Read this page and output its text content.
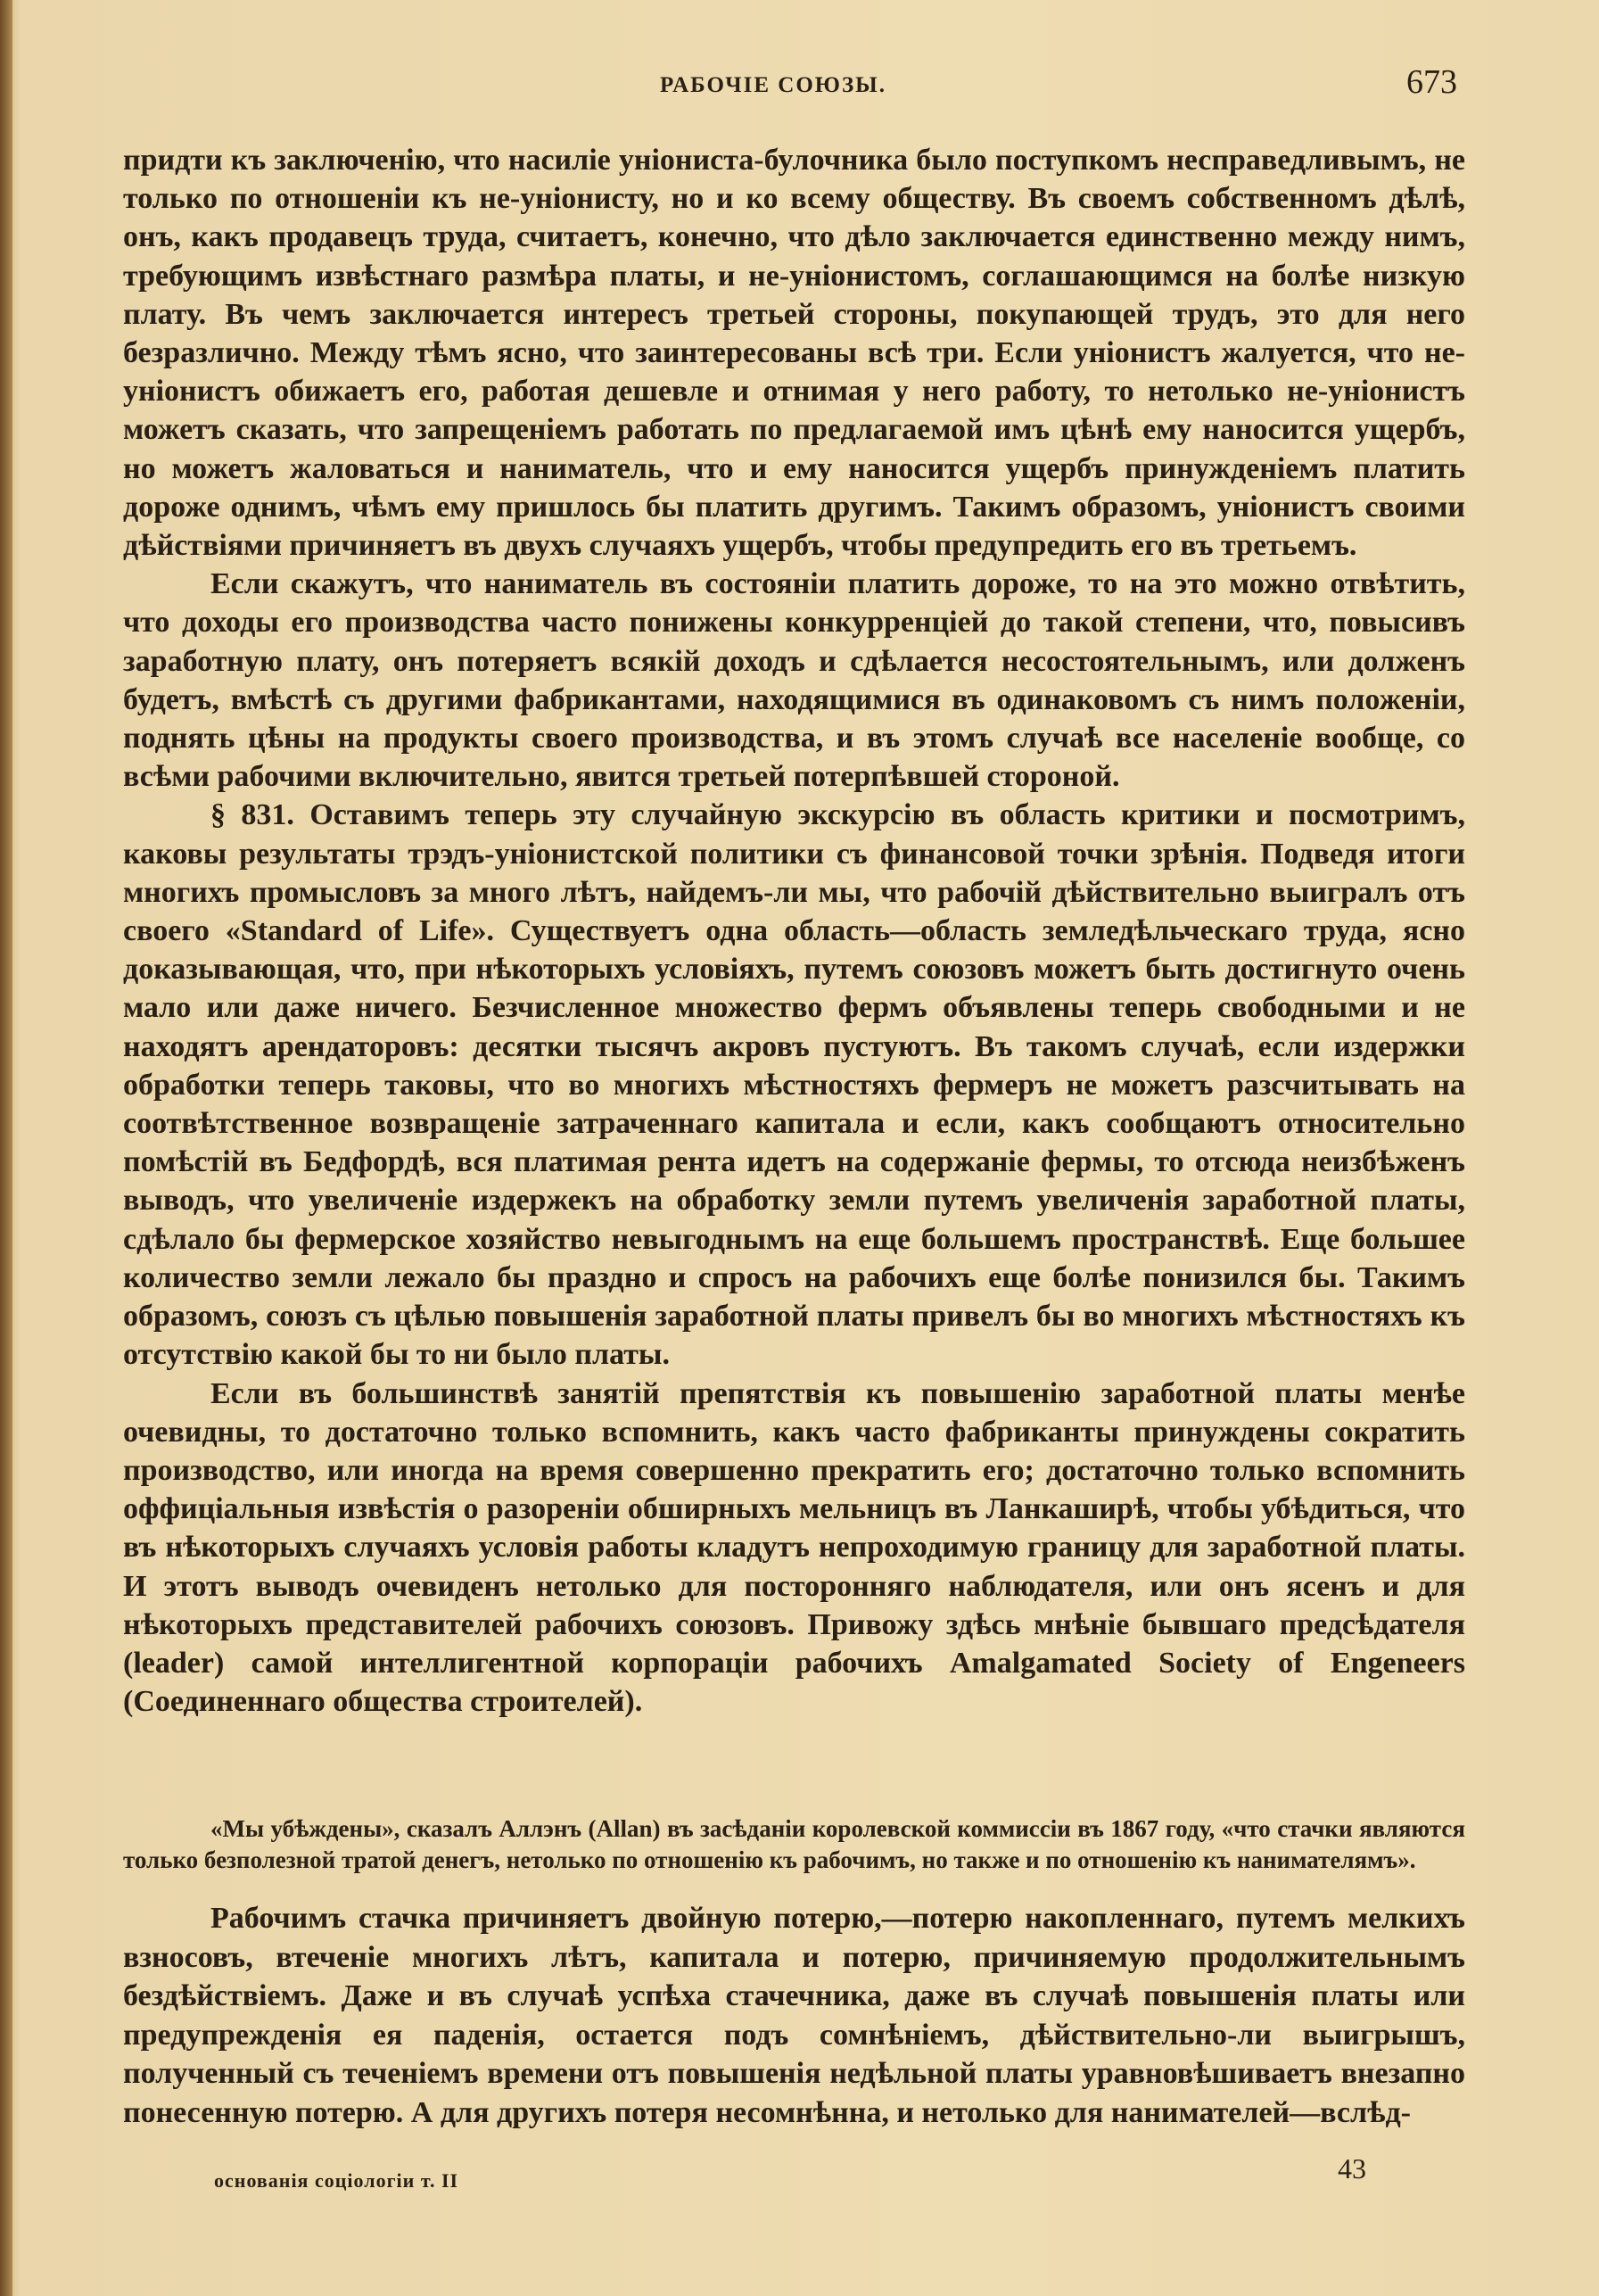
РАБОЧІЕ СОЮЗЫ.	673

придти къ заключенію, что насиліе уніониста-булочника было поступкомъ несправедливымъ, не только по отношеніи къ не-уніонисту, но и ко всему обществу. Въ своемъ собственномъ дѣлѣ, онъ, какъ продавецъ труда, считаетъ, конечно, что дѣло заключается единственно между нимъ, требующимъ извѣстнаго размѣра платы, и не-уніонистомъ, соглашающимся на болѣе низкую плату. Въ чемъ заключается интересъ третьей стороны, покупающей трудъ, это для него безразлично. Между тѣмъ ясно, что заинтересованы всѣ три. Если уніонистъ жалуется, что не-уніонистъ обижаетъ его, работая дешевле и отнимая у него работу, то нетолько не-уніонистъ можетъ сказать, что запрещеніемъ работать по предлагаемой имъ цѣнѣ ему наносится ущербъ, но можетъ жаловаться и наниматель, что и ему наносится ущербъ принужденіемъ платить дороже однимъ, чѣмъ ему пришлось бы платить другимъ. Такимъ образомъ, уніонистъ своими дѣйствіями причиняетъ въ двухъ случаяхъ ущербъ, чтобы предупредить его въ третьемъ.

Если скажутъ, что наниматель въ состояніи платить дороже, то на это можно отвѣтить, что доходы его производства часто понижены конкурренціей до такой степени, что, повысивъ заработную плату, онъ потеряетъ всякій доходъ и сдѣлается несостоятельнымъ, или долженъ будетъ, вмѣстѣ съ другими фабрикантами, находящимися въ одинаковомъ съ нимъ положеніи, поднять цѣны на продукты своего производства, и въ этомъ случаѣ все населеніе вообще, со всѣми рабочими включительно, явится третьей потерпѣвшей стороной.

§ 831. Оставимъ теперь эту случайную экскурсію въ область критики и посмотримъ, каковы результаты трэдъ-уніонистской политики съ финансовой точки зрѣнія. Подведя итоги многихъ промысловъ за много лѣтъ, найдемъ-ли мы, что рабочій дѣйствительно выигралъ отъ своего «Standard of Life». Существуетъ одна область—область земледѣльческаго труда, ясно доказывающая, что, при нѣкоторыхъ условіяхъ, путемъ союзовъ можетъ быть достигнуто очень мало или даже ничего. Безчисленное множество фермъ объявлены теперь свободными и не находятъ арендаторовъ: десятки тысячъ акровъ пустуютъ. Въ такомъ случаѣ, если издержки обработки теперь таковы, что во многихъ мѣстностяхъ фермеръ не можетъ разсчитывать на соотвѣтственное возвращеніе затраченнаго капитала и если, какъ сообщаютъ относительно помѣстій въ Бедфордѣ, вся платимая рента идетъ на содержаніе фермы, то отсюда неизбѣженъ выводъ, что увеличеніе издержекъ на обработку земли путемъ увеличенія заработной платы, сдѣлало бы фермерское хозяйство невыгоднымъ на еще большемъ пространствѣ. Еще большее количество земли лежало бы праздно и спросъ на рабочихъ еще болѣе понизился бы. Такимъ образомъ, союзъ съ цѣлью повышенія заработной платы привелъ бы во многихъ мѣстностяхъ къ отсутствію какой бы то ни было платы.

Если въ большинствѣ занятій препятствія къ повышенію заработной платы менѣе очевидны, то достаточно только вспомнить, какъ часто фабриканты принуждены сократить производство, или иногда на время совершенно прекратить его; достаточно только вспомнить оффиціальныя извѣстія о разореніи обширныхъ мельницъ въ Ланкаширѣ, чтобы убѣдиться, что въ нѣкоторыхъ случаяхъ условія работы кладутъ непроходимую границу для заработной платы. И этотъ выводъ очевиденъ нетолько для посторонняго наблюдателя, или онъ ясенъ и для нѣкоторыхъ представителей рабочихъ союзовъ. Привожу здѣсь мнѣніе бывшаго предсѣдателя (leader) самой интеллигентной корпораціи рабочихъ Amalgamated Society of Engeneers (Соединеннаго общества строителей).

«Мы убѣждены», сказалъ Аллэнъ (Allan) въ засѣданіи королевской коммиссіи въ 1867 году, «что стачки являются только безполезной тратой денегъ, нетолько по отношенію къ рабочимъ, но также и по отношенію къ нанимателямъ».

Рабочимъ стачка причиняетъ двойную потерю,—потерю накопленнаго, путемъ мелкихъ взносовъ, втеченіе многихъ лѣтъ, капитала и потерю, причиняемую продолжительнымъ бездѣйствіемъ. Даже и въ случаѣ успѣха стачечника, даже въ случаѣ повышенія платы или предупрежденія ея паденія, остается подъ сомнѣніемъ, дѣйствительно-ли выигрышъ, полученный съ теченіемъ времени отъ повышенія недѣльной платы уравновѣшиваетъ внезапно понесенную потерю. А для другихъ потеря несомнѣнна, и нетолько для нанимателей—вслѣд-

основанія соціологіи т. II	43
